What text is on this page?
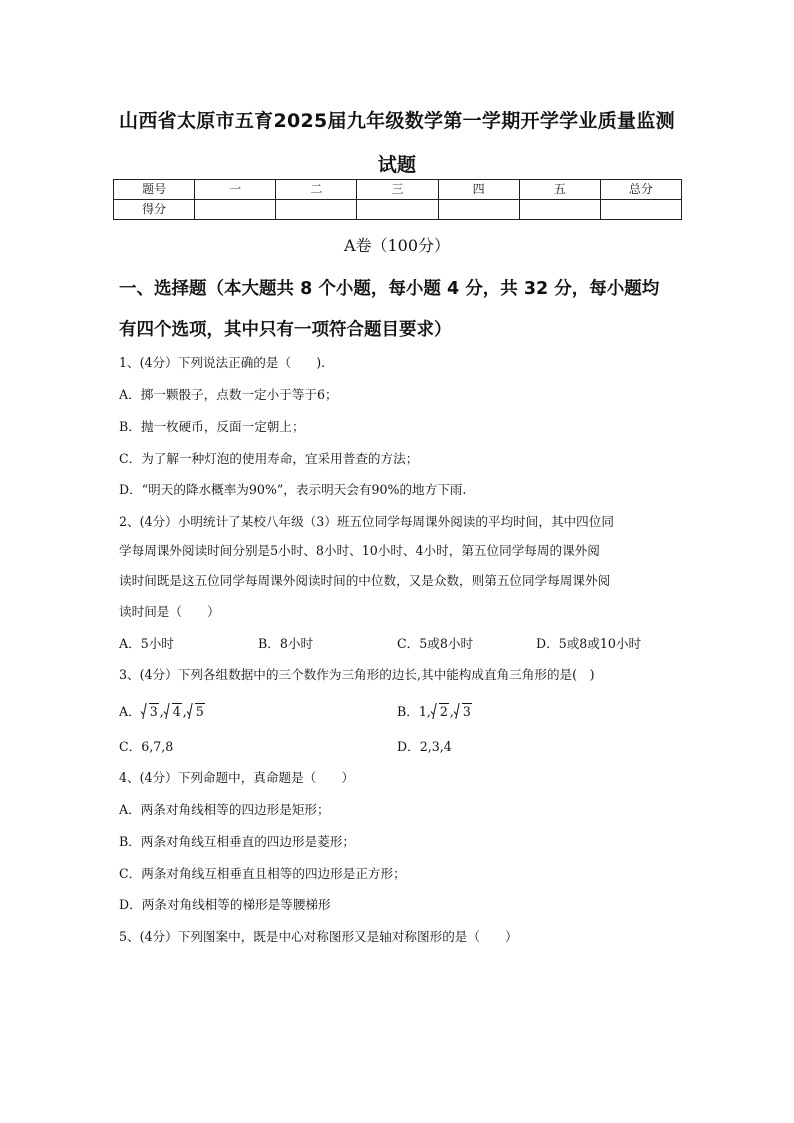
山西省太原市五育2025届九年级数学第一学期开学学业质量监测
试题
题号	一	二	三	四	五	总分
得分						
A卷（100分）
一、选择题（本大题共 8 个小题，每小题 4 分，共 32 分，每小题均
有四个选项，其中只有一项符合题目要求）
1、(4分）下列说法正确的是（　　).
A．掷一颗骰子，点数一定小于等于6；
B．抛一枚硬币，反面一定朝上；
C．为了解一种灯泡的使用寿命，宜采用普查的方法；
D．“明天的降水概率为90%”，表示明天会有90%的地方下雨.
2、(4分）小明统计了某校八年级（3）班五位同学每周课外阅读的平均时间，其中四位同
学每周课外阅读时间分别是5小时、8小时、10小时、4小时，第五位同学每周的课外阅
读时间既是这五位同学每周课外阅读时间的中位数，又是众数，则第五位同学每周课外阅
读时间是（　　）
A．5小时	B．8小时	C．5或8小时	D．5或8或10小时
3、(4分）下列各组数据中的三个数作为三角形的边长,其中能构成直角三角形的是(　)
A． 3 , 4 , 5	B．1, 2 , 3
C．6,7,8	D．2,3,4
4、(4分）下列命题中，真命题是（　　）
A．两条对角线相等的四边形是矩形；
B．两条对角线互相垂直的四边形是菱形；
C．两条对角线互相垂直且相等的四边形是正方形；
D．两条对角线相等的梯形是等腰梯形
5、(4分）下列图案中，既是中心对称图形又是轴对称图形的是（　　）
